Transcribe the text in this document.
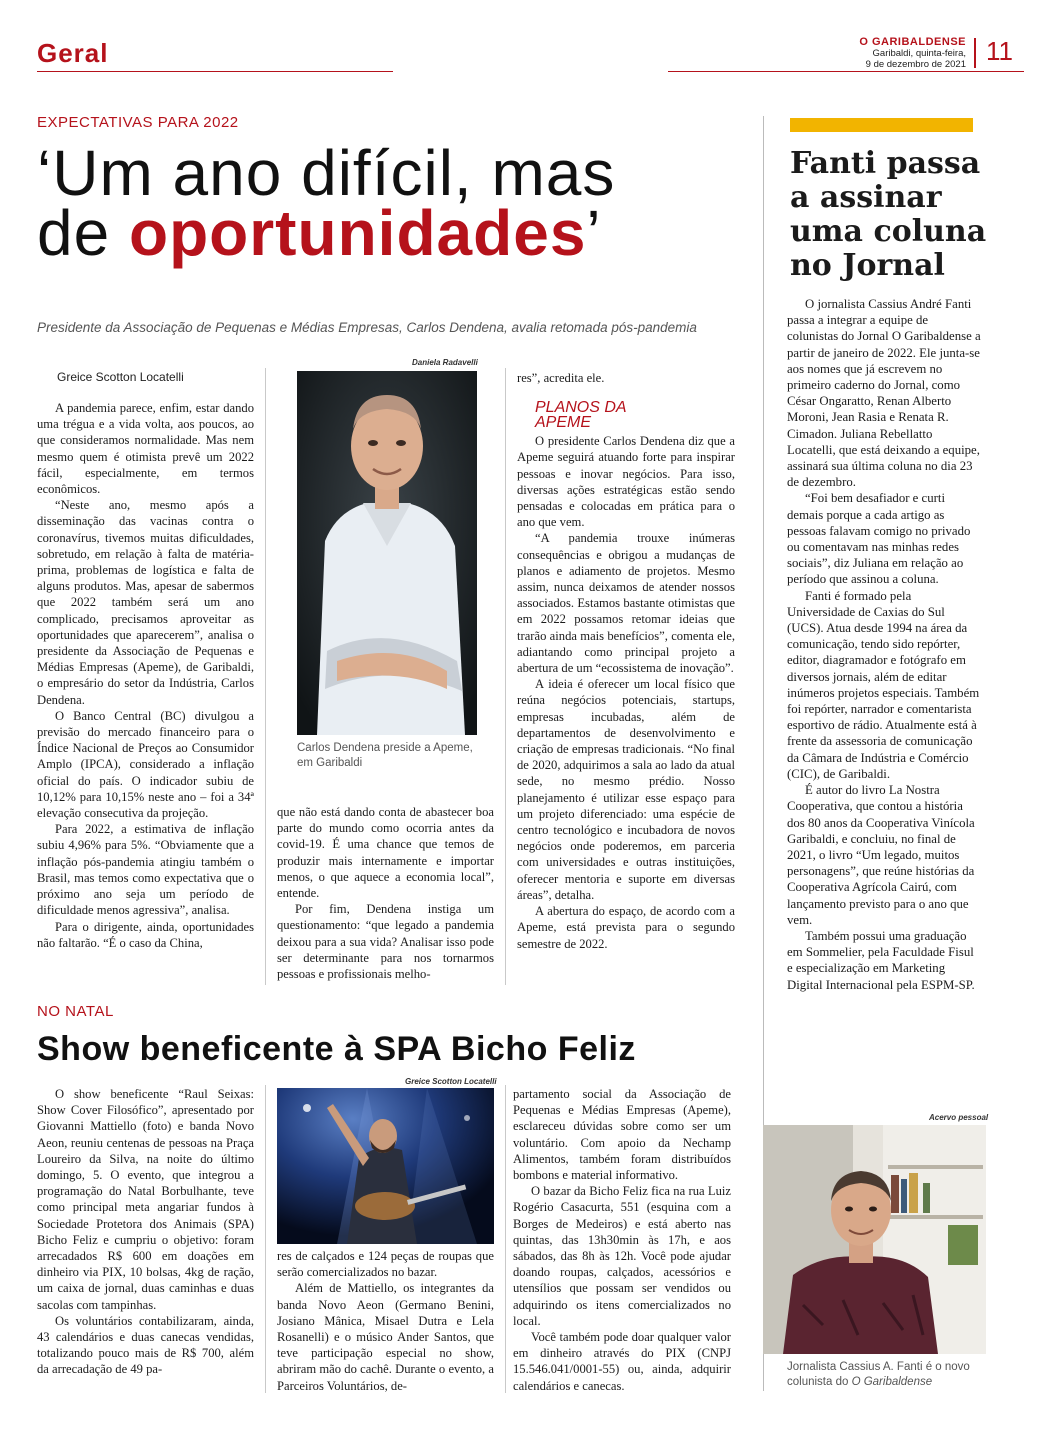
Geral	O GARIBALDENSE
Garibaldi, quinta-feira,
9 de dezembro de 2021 11
EXPECTATIVAS PARA 2022
‘Um ano difícil, mas
de oportunidades’
Presidente da Associação de Pequenas e Médias Empresas, Carlos Dendena, avalia retomada pós-pandemia
Greice Scotton Locatelli

A pandemia parece, enfim, estar dando uma trégua e a vida volta, aos poucos, ao que consideramos normalidade. Mas nem mesmo quem é otimista prevê um 2022 fácil, especialmente, em termos econômicos.

“Neste ano, mesmo após a disseminação das vacinas contra o coronavírus, tivemos muitas dificuldades, sobretudo, em relação à falta de matéria-prima, problemas de logística e falta de alguns produtos. Mas, apesar de sabermos que 2022 também será um ano complicado, precisamos aproveitar as oportunidades que aparecerem”, analisa o presidente da Associação de Pequenas e Médias Empresas (Apeme), de Garibaldi, o empresário do setor da Indústria, Carlos Dendena.

O Banco Central (BC) divulgou a previsão do mercado financeiro para o Índice Nacional de Preços ao Consumidor Amplo (IPCA), considerado a inflação oficial do país. O indicador subiu de 10,12% para 10,15% neste ano – foi a 34ª elevação consecutiva da projeção.

Para 2022, a estimativa de inflação subiu 4,96% para 5%. “Obviamente que a inflação pós-pandemia atingiu também o Brasil, mas temos como expectativa que o próximo ano seja um período de dificuldade menos agressiva”, analisa.

Para o dirigente, ainda, oportunidades não faltarão. “É o caso da China,

Daniela Radavelli
Carlos Dendena preside a Apeme, em Garibaldi

que não está dando conta de abastecer boa parte do mundo como ocorria antes da covid-19. É uma chance que temos de produzir mais internamente e importar menos, o que aquece a economia local”, entende.

Por fim, Dendena instiga um questionamento: “que legado a pandemia deixou para a sua vida? Analisar isso pode ser determinante para nos tornarmos pessoas e profissionais melho-

res”, acredita ele.

PLANOS DA
APEME

O presidente Carlos Dendena diz que a Apeme seguirá atuando forte para inspirar pessoas e inovar negócios. Para isso, diversas ações estratégicas estão sendo pensadas e colocadas em prática para o ano que vem.

“A pandemia trouxe inúmeras consequências e obrigou a mudanças de planos e adiamento de projetos. Mesmo assim, nunca deixamos de atender nossos associados. Estamos bastante otimistas que em 2022 possamos retomar ideias que trarão ainda mais benefícios”, comenta ele, adiantando como principal projeto a abertura de um “ecossistema de inovação”.

A ideia é oferecer um local físico que reúna negócios potenciais, startups, empresas incubadas, além de departamentos de desenvolvimento e criação de empresas tradicionais. “No final de 2020, adquirimos a sala ao lado da atual sede, no mesmo prédio. Nosso planejamento é utilizar esse espaço para um projeto diferenciado: uma espécie de centro tecnológico e incubadora de novos negócios onde poderemos, em parceria com universidades e outras instituições, oferecer mentoria e suporte em diversas áreas”, detalha.

A abertura do espaço, de acordo com a Apeme, está prevista para o segundo semestre de 2022.

NO NATAL
Show beneficente à SPA Bicho Feliz

O show beneficente “Raul Seixas: Show Cover Filosófico”, apresentado por Giovanni Mattiello (foto) e banda Novo Aeon, reuniu centenas de pessoas na Praça Loureiro da Silva, na noite do último domingo, 5. O evento, que integrou a programação do Natal Borbulhante, teve como principal meta angariar fundos à Sociedade Protetora dos Animais (SPA) Bicho Feliz e cumpriu o objetivo: foram arrecadados R$ 600 em doações em dinheiro via PIX, 10 bolsas, 4kg de ração, um caixa de jornal, duas caminhas e duas sacolas com tampinhas.

Os voluntários contabilizaram, ainda, 43 calendários e duas canecas vendidas, totalizando pouco mais de R$ 700, além da arrecadação de 49 pa-

Greice Scotton Locatelli

res de calçados e 124 peças de roupas que serão comercializados no bazar.

Além de Mattiello, os integrantes da banda Novo Aeon (Germano Benini, Josiano Mânica, Misael Dutra e Lela Rosanelli) e o músico Ander Santos, que teve participação especial no show, abriram mão do cachê. Durante o evento, a Parceiros Voluntários, de-

partamento social da Associação de Pequenas e Médias Empresas (Apeme), esclareceu dúvidas sobre como ser um voluntário. Com apoio da Nechamp Alimentos, também foram distribuídos bombons e material informativo.

O bazar da Bicho Feliz fica na rua Luiz Rogério Casacurta, 551 (esquina com a Borges de Medeiros) e está aberto nas quintas, das 13h30min às 17h, e aos sábados, das 8h às 12h. Você pode ajudar doando roupas, calçados, acessórios e utensílios que possam ser vendidos ou adquirindo os itens comercializados no local.

Você também pode doar qualquer valor em dinheiro através do PIX (CNPJ 15.546.041/0001-55) ou, ainda, adquirir calendários e canecas.

Fanti passa a assinar uma coluna no Jornal

O jornalista Cassius André Fanti passa a integrar a equipe de colunistas do Jornal O Garibaldense a partir de janeiro de 2022. Ele junta-se aos nomes que já escrevem no primeiro caderno do Jornal, como César Ongaratto, Renan Alberto Moroni, Jean Rasia e Renata R. Cimadon. Juliana Rebellatto Locatelli, que está deixando a equipe, assinará sua última coluna no dia 23 de dezembro.

“Foi bem desafiador e curti demais porque a cada artigo as pessoas falavam comigo no privado ou comentavam nas minhas redes sociais”, diz Juliana em relação ao período que assinou a coluna.

Fanti é formado pela Universidade de Caxias do Sul (UCS). Atua desde 1994 na área da comunicação, tendo sido repórter, editor, diagramador e fotógrafo em diversos jornais, além de editar inúmeros projetos especiais. Também foi repórter, narrador e comentarista esportivo de rádio. Atualmente está à frente da assessoria de comunicação da Câmara de Indústria e Comércio (CIC), de Garibaldi.

É autor do livro La Nostra Cooperativa, que contou a história dos 80 anos da Cooperativa Vinícola Garibaldi, e concluiu, no final de 2021, o livro “Um legado, muitos personagens”, que reúne histórias da Cooperativa Agrícola Cairú, com lançamento previsto para o ano que vem.

Também possui uma graduação em Sommelier, pela Faculdade Fisul e especialização em Marketing Digital Internacional pela ESPM-SP.

Acervo pessoal
Jornalista Cassius A. Fanti é o novo colunista do O Garibaldense
